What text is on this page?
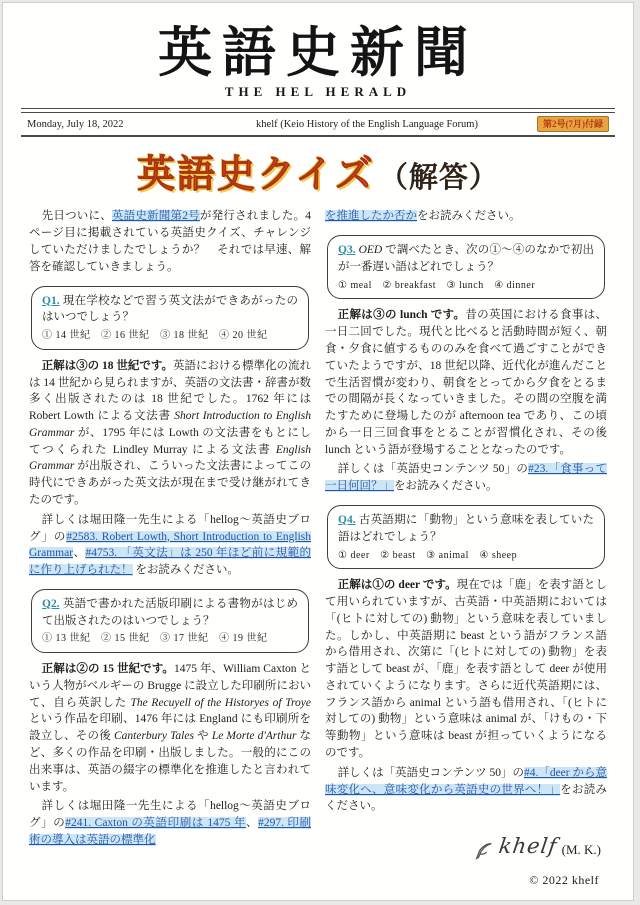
英語史新聞
THE HEL HERALD
Monday, July 18, 2022	khelf (Keio History of the English Language Forum)	第2号(7月)付録
英語史クイズ （解答）

先日ついに、英語史新聞第2号が発行されました。4ページ目に掲載されている英語史クイズ、チャレンジしていただけましたでしょうか？　それでは早速、解答を確認していきましょう。

Q1. 現在学校などで習う英文法ができあがったのはいつでしょう？

① 14 世紀　② 16 世紀　③ 18 世紀　④ 20 世紀

正解は③の 18 世紀です。英語における標準化の流れは 14 世紀から見られますが、英語の文法書・辞書が数多く出版されたのは 18 世紀でした。1762 年には Robert Lowth による文法書 Short Introduction to English Grammar が、1795 年には Lowth の文法書をもとにしてつくられた Lindley Murray による文法書 English Grammar が出版され、こういった文法書によってこの時代にできあがった英文法が現在まで受け継がれてきたのです。

詳しくは堀田隆一先生による「hellog～英語史ブログ」の#2583. Robert Lowth, Short Introduction to English Grammar、#4753. 「英文法」は 250 年ほど前に規範的に作り上げられた！ をお読みください。

Q2. 英語で書かれた活版印刷による書物がはじめて出版されたのはいつでしょう？

① 13 世紀　② 15 世紀　③ 17 世紀　④ 19 世紀

正解は②の 15 世紀です。1475 年、William Caxton という人物がベルギーの Brugge に設立した印刷所において、自ら英訳した The Recuyell of the Historyes of Troye という作品を印刷、1476 年には England にも印刷所を設立し、その後 Canterbury Tales や Le Morte d'Arthur など、多くの作品を印刷・出版しました。一般的にこの出来事は、英語の綴字の標準化を推進したと言われています。

詳しくは堀田隆一先生による「hellog～英語史ブログ」の#241. Caxton の英語印刷は 1475 年、#297. 印刷術の導入は英語の標準化

を推進したか否かをお読みください。

Q3. OED で調べたとき、次の①～④のなかで初出が一番遅い語はどれでしょう？

① meal　② breakfast　③ lunch　④ dinner

正解は③の lunch です。昔の英国における食事は、一日二回でした。現代と比べると活動時間が短く、朝食・夕食に値するもののみを食べて過ごすことができていたようですが、18 世紀以降、近代化が進んだことで生活習慣が変わり、朝食をとってから夕食をとるまでの間隔が長くなっていきました。その間の空腹を満たすために登場したのが afternoon tea であり、この頃から一日三回食事をとることが習慣化され、その後 lunch という語が登場することとなったのです。

詳しくは「英語史コンテンツ 50」の#23.「食事って一日何回？」をお読みください。

Q4. 古英語期に「動物」という意味を表していた語はどれでしょう？

① deer　② beast　③ animal　④ sheep

正解は①の deer です。現在では「鹿」を表す語として用いられていますが、古英語・中英語期においては「(ヒトに対しての) 動物」という意味を表していました。しかし、中英語期に beast という語がフランス語から借用され、次第に「(ヒトに対しての) 動物」を表す語として beast が、「鹿」を表す語として deer が使用されていくようになります。さらに近代英語期には、フランス語から animal という語も借用され、「(ヒトに対しての) 動物」という意味は animal が、「けもの・下等動物」という意味は beast が担っていくようになるのです。

詳しくは「英語史コンテンツ 50」の#4.「deer から意味変化へ、意味変化から英語史の世界へ！」をお読みください。

khelf (M. K.)
© 2022 khelf
